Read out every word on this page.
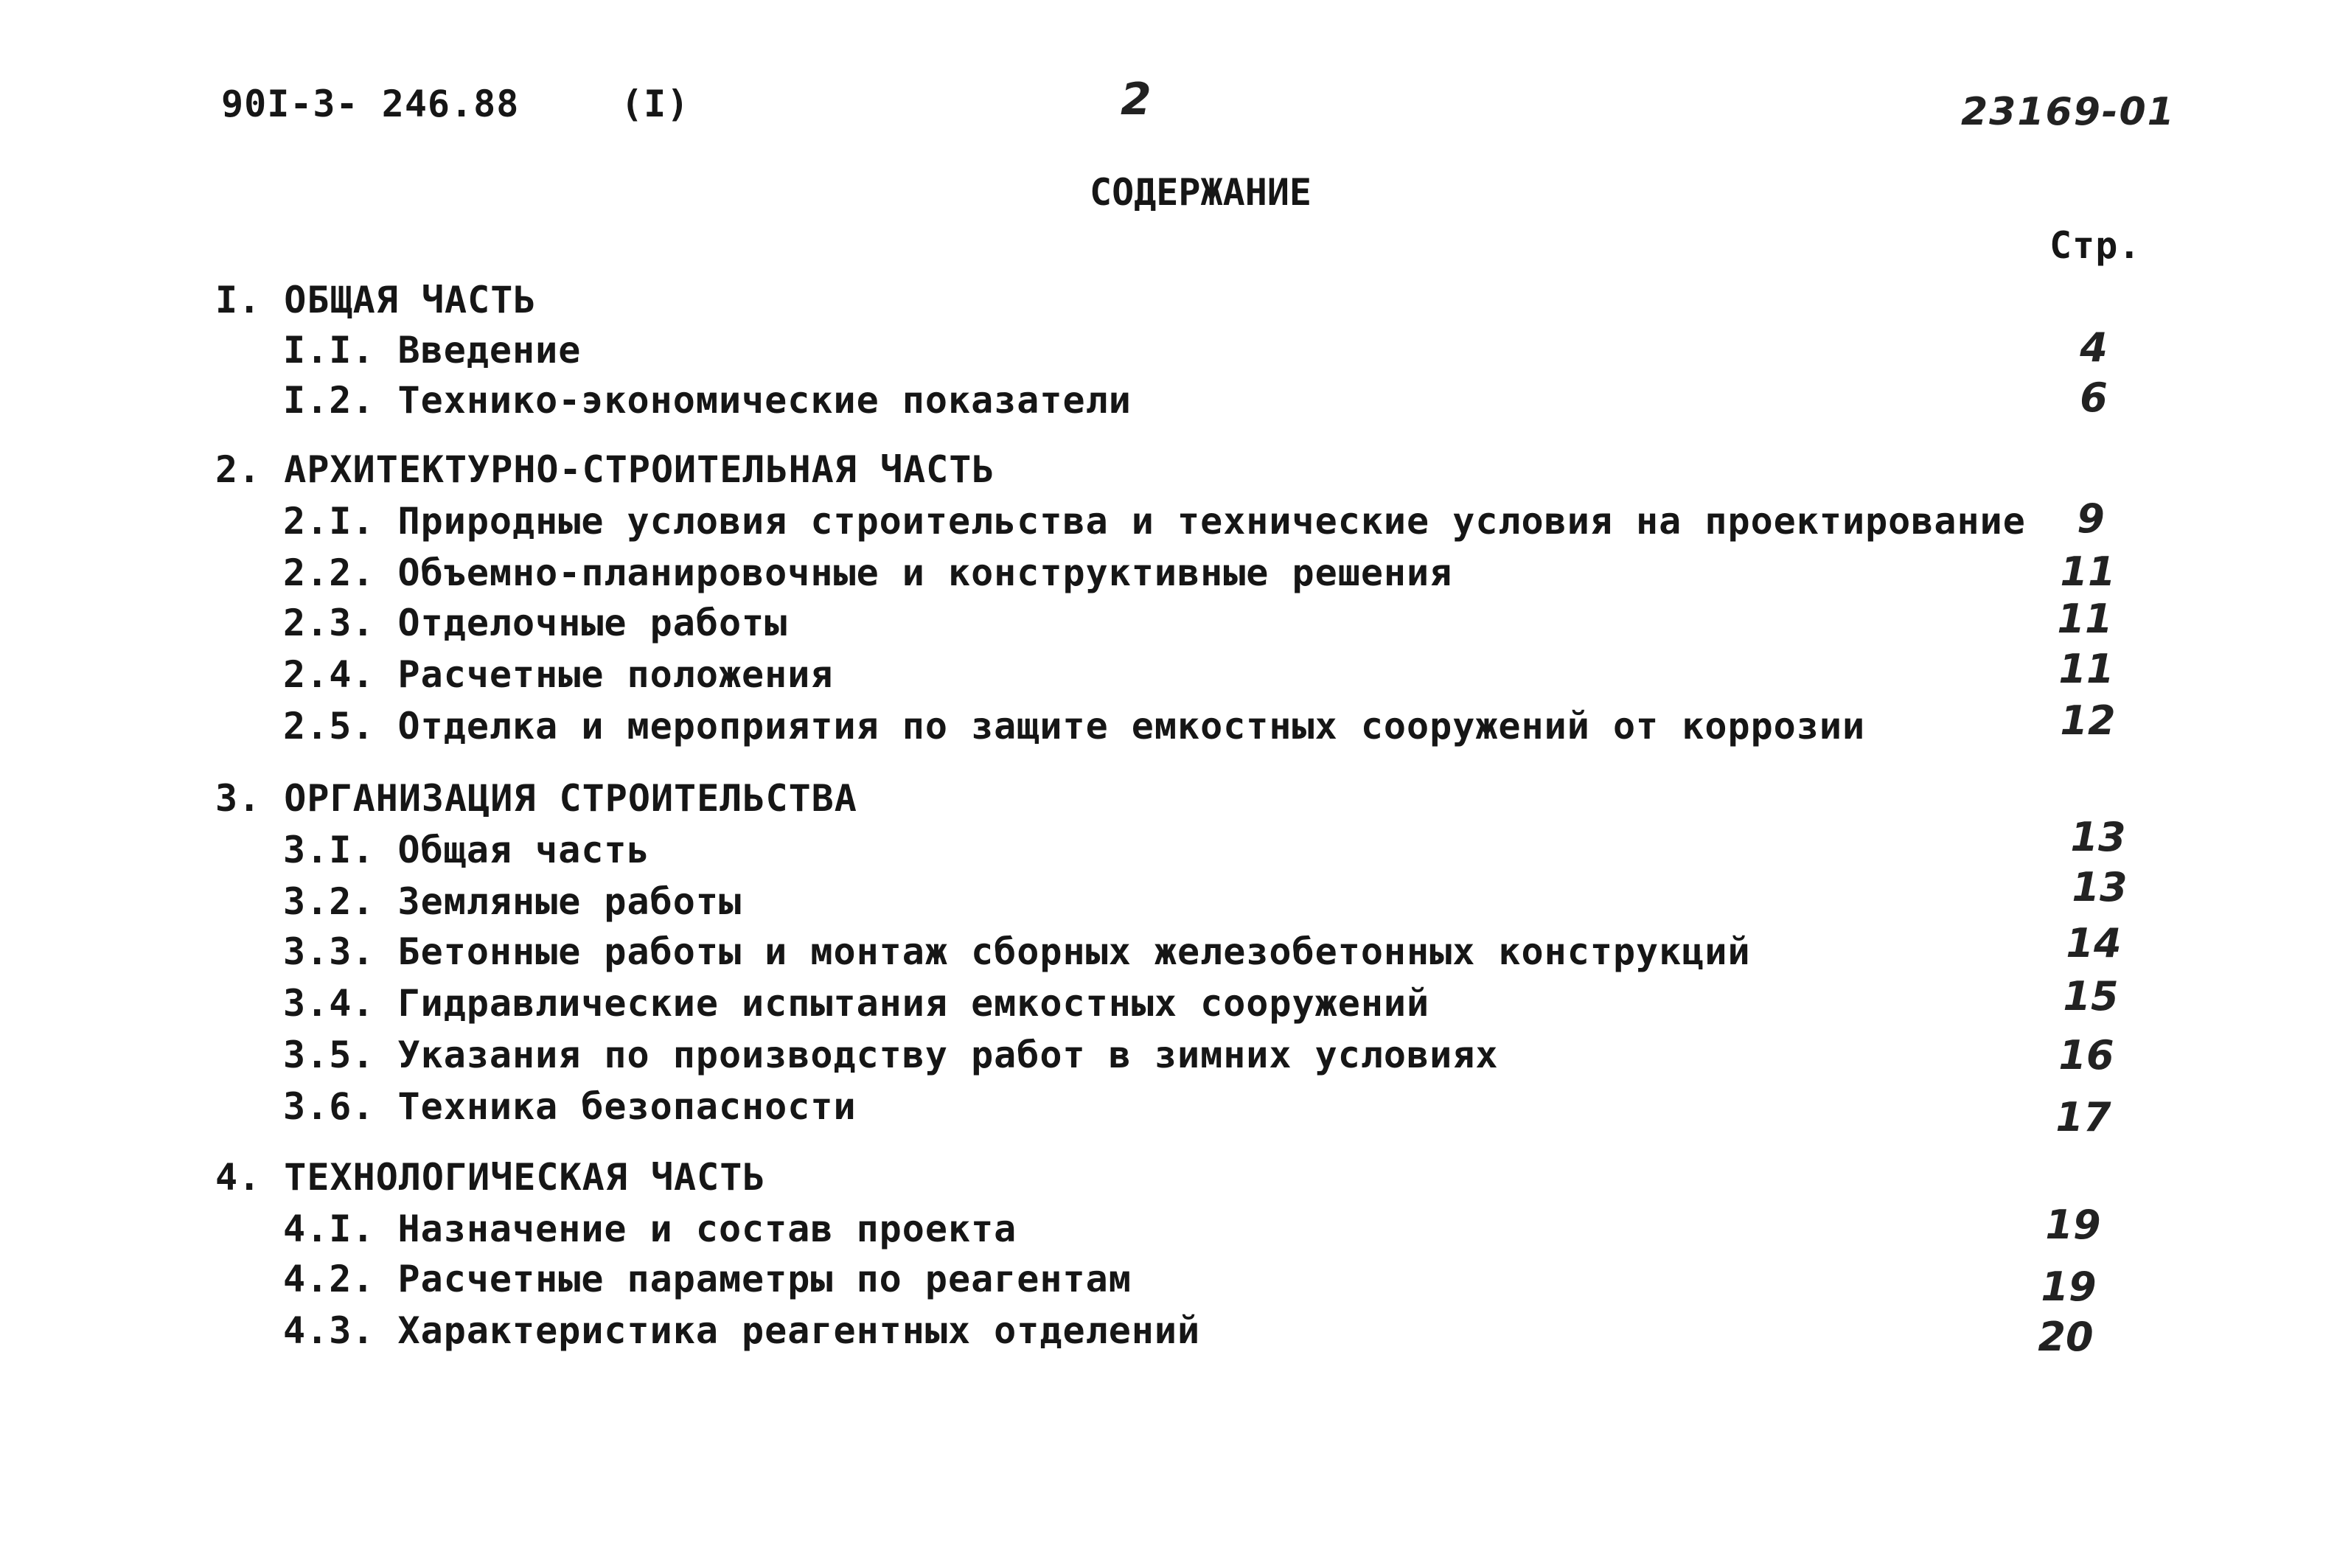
90I-3- 246.88	(I)	2	23169-01
СОДЕРЖАНИЕ
Стр.
I. ОБЩАЯ ЧАСТЬ
I.I. Введение	4
I.2. Технико-экономические показатели	6
2. АРХИТЕКТУРНО-СТРОИТЕЛЬНАЯ ЧАСТЬ
2.I. Природные условия строительства и технические условия на проектирование	9
2.2. Объемно-планировочные и конструктивные решения	11
2.3. Отделочные работы	11
2.4. Расчетные положения	11
2.5. Отделка и мероприятия по защите емкостных сооружений от коррозии	12
3. ОРГАНИЗАЦИЯ СТРОИТЕЛЬСТВА
3.I. Общая часть	13
3.2. Земляные работы	13
3.3. Бетонные работы и монтаж сборных железобетонных конструкций	14
3.4. Гидравлические испытания емкостных сооружений	15
3.5. Указания по производству работ в зимних условиях	16
3.6. Техника безопасности	17
4. ТЕХНОЛОГИЧЕСКАЯ ЧАСТЬ
4.I. Назначение и состав проекта	19
4.2. Расчетные параметры по реагентам	19
4.3. Характеристика реагентных отделений	20
